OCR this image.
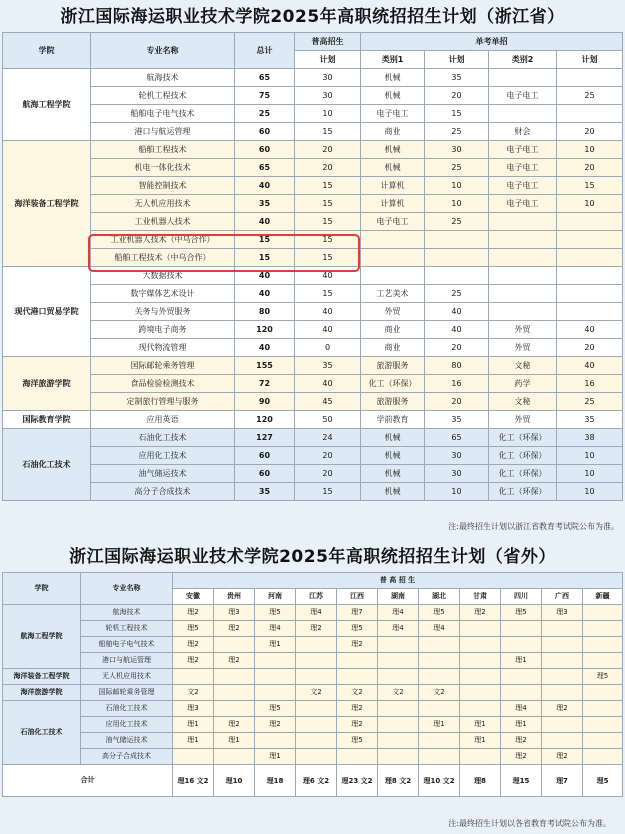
浙江国际海运职业技术学院2025年高职统招招生计划（浙江省）
学院	专业名称	总计	普高招生	单考单招			
			计划	类别1	计划	类别2	计划
航海工程学院	航海技术	65	30	机械	35		
	轮机工程技术	75	30	机械	20	电子电工	25
	船舶电子电气技术	25	10	电子电工	15		
	港口与航运管理	60	15	商业	25	财会	20
海洋装备工程学院	船舶工程技术	60	20	机械	30	电子电工	10
	机电一体化技术	65	20	机械	25	电子电工	20
	智能控制技术	40	15	计算机	10	电子电工	15
	无人机应用技术	35	15	计算机	10	电子电工	10
	工业机器人技术	40	15	电子电工	25		
	工业机器人技术（中乌合作）	15	15				
	船舶工程技术（中乌合作）	15	15				
现代港口贸易学院	大数据技术	40	40				
	数字媒体艺术设计	40	15	工艺美术	25		
	关务与外贸服务	80	40	外贸	40		
	跨境电子商务	120	40	商业	40	外贸	40
	现代物流管理	40	0	商业	20	外贸	20
海洋旅游学院	国际邮轮乘务管理	155	35	旅游服务	80	文秘	40
	食品检验检测技术	72	40	化工（环保）	16	药学	16
	定制旅行管理与服务	90	45	旅游服务	20	文秘	25
国际教育学院	应用英语	120	50	学前教育	35	外贸	35
石油化工技术	石油化工技术	127	24	机械	65	化工（环保）	38
	应用化工技术	60	20	机械	30	化工（环保）	10
	油气储运技术	60	20	机械	30	化工（环保）	10
	高分子合成技术	35	15	机械	10	化工（环保）	10
注:最终招生计划以浙江省教育考试院公布为准。
浙江国际海运职业技术学院2025年高职统招招生计划（省外）
学院	专业名称	普 高 招 生										
		安徽	贵州	河南	江苏	江西	湖南	湖北	甘肃	四川	广西	新疆
航海工程学院	航海技术	理2	理3	理5	理4	理7	理4	理5	理2	理5	理3	
	轮机工程技术	理5	理2	理4	理2	理5	理4	理4				
	船舶电子电气技术	理2		理1		理2						
	港口与航运管理	理2	理2							理1		
海洋装备工程学院	无人机应用技术											理5
海洋旅游学院	国际邮轮乘务管理	文2			文2	文2	文2	文2				
石油化工技术	石油化工技术	理3		理5		理2				理4	理2	
	应用化工技术	理1	理2	理2		理2		理1	理1	理1		
	油气储运技术	理1	理1			理5			理1	理2		
	高分子合成技术			理1						理2	理2	
合计		理16 文2	理10	理18	理6 文2	理23 文2	理8 文2	理10 文2	理8	理15	理7	理5
注:最终招生计划以各省教育考试院公布为准。
